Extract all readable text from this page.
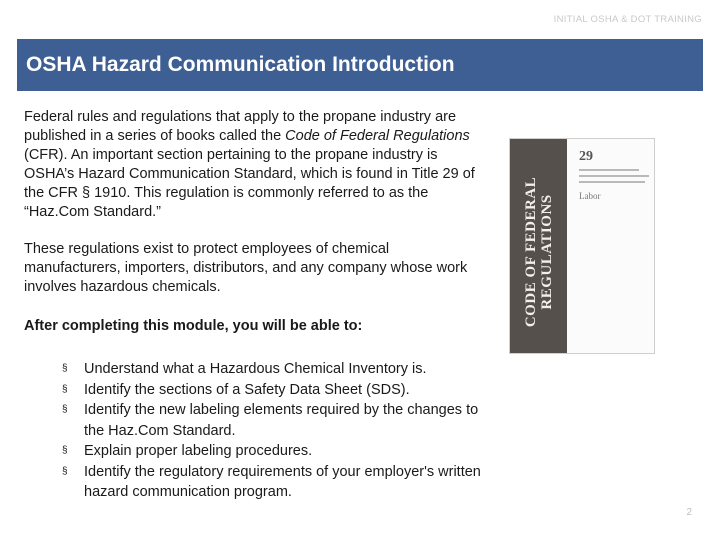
INITIAL OSHA & DOT TRAINING
OSHA Hazard Communication Introduction

Federal rules and regulations that apply to the propane industry are published in a series of books called the Code of Federal Regulations (CFR). An important section pertaining to the propane industry is OSHA’s Hazard Communication Standard, which is found in Title 29 of the CFR § 1910. This regulation is commonly referred to as the “Haz.Com Standard.”

These regulations exist to protect employees of chemical manufacturers, importers, distributors, and any company whose work involves hazardous chemicals.

After completing this module, you will be able to:
§ Understand what a Hazardous Chemical Inventory is.
§ Identify the sections of a Safety Data Sheet (SDS).
§ Identify the new labeling elements required by the changes to the Haz.Com Standard.
§ Explain proper labeling procedures.
§ Identify the regulatory requirements of your employer's written hazard communication program.
CODE OF FEDERAL REGULATIONS
29
Labor
2
